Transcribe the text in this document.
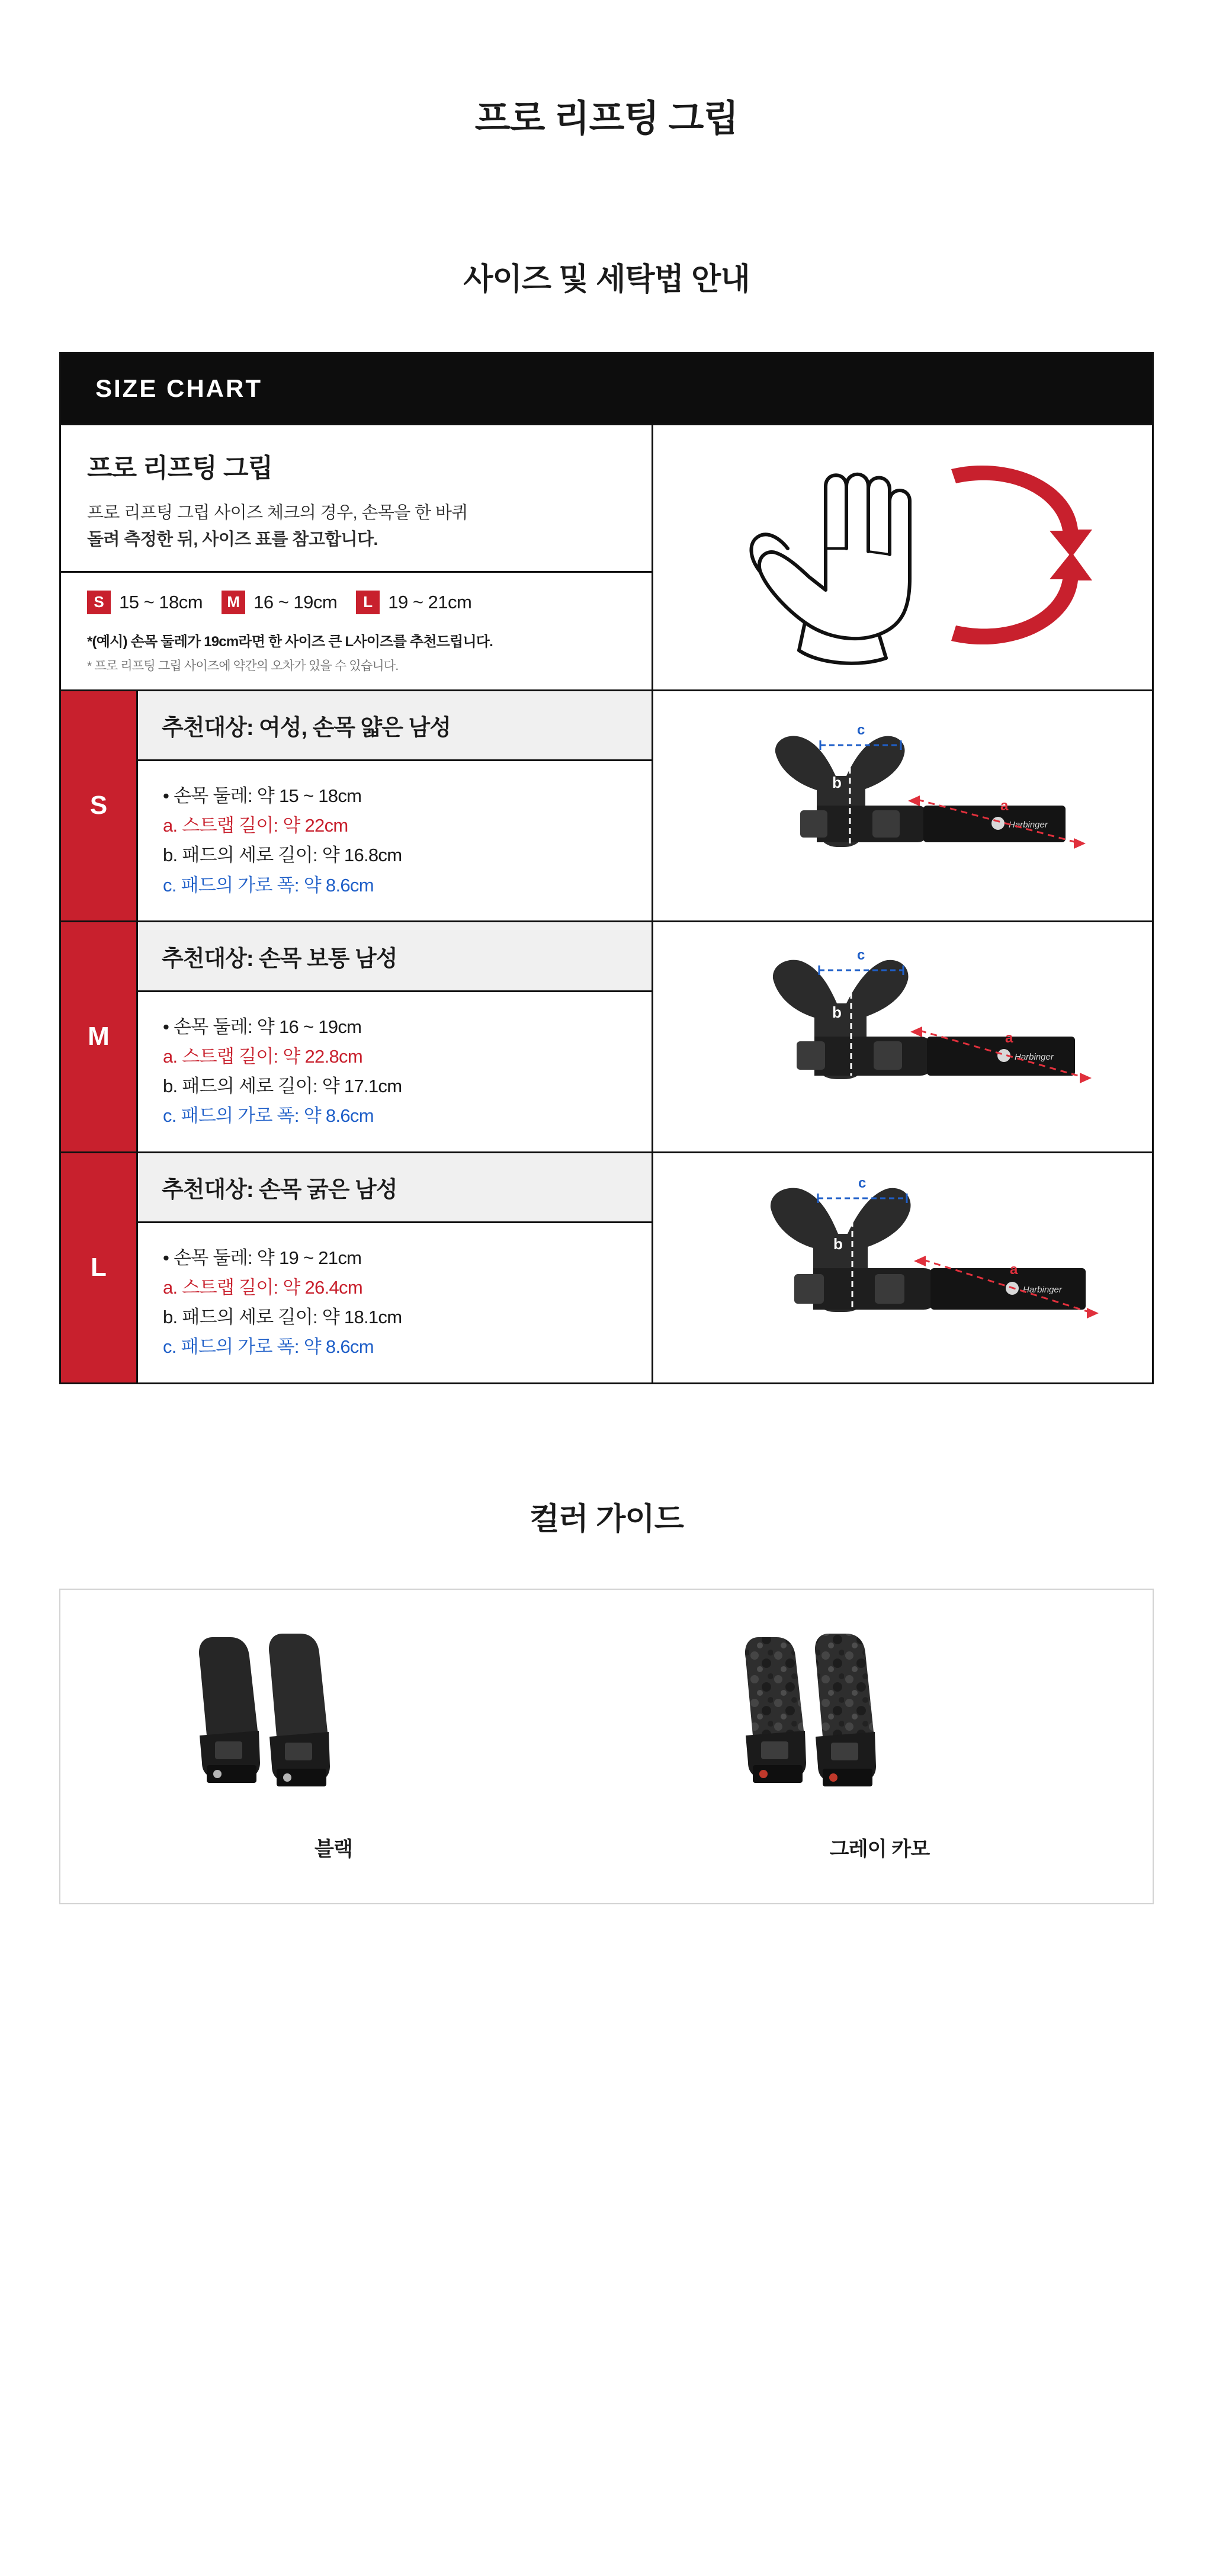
프로 리프팅 그립
사이즈 및 세탁법 안내
SIZE CHART
프로 리프팅 그립
프로 리프팅 그립 사이즈 체크의 경우, 손목을 한 바퀴
돌려 측정한 뒤, 사이즈 표를 참고합니다.
S 15 ~ 18cm	M 16 ~ 19cm	L 19 ~ 21cm
*(예시) 손목 둘레가 19cm라면 한 사이즈 큰 L사이즈를 추천드립니다.
* 프로 리프팅 그립 사이즈에 약간의 오차가 있을 수 있습니다.
S
추천대상: 여성, 손목 얇은 남성
• 손목 둘레: 약 15 ~ 18cm
a. 스트랩 길이: 약 22cm
b. 패드의 세로 길이: 약 16.8cm
c. 패드의 가로 폭: 약 8.6cm
Harbinger
c
b
a
M
추천대상: 손목 보통 남성
• 손목 둘레: 약 16 ~ 19cm
a. 스트랩 길이: 약 22.8cm
b. 패드의 세로 길이: 약 17.1cm
c. 패드의 가로 폭: 약 8.6cm
Harbinger
c
b
a
L
추천대상: 손목 굵은 남성
• 손목 둘레: 약 19 ~ 21cm
a. 스트랩 길이: 약 26.4cm
b. 패드의 세로 길이: 약 18.1cm
c. 패드의 가로 폭: 약 8.6cm
Harbinger
c
b
a
컬러 가이드
블랙	그레이 카모
